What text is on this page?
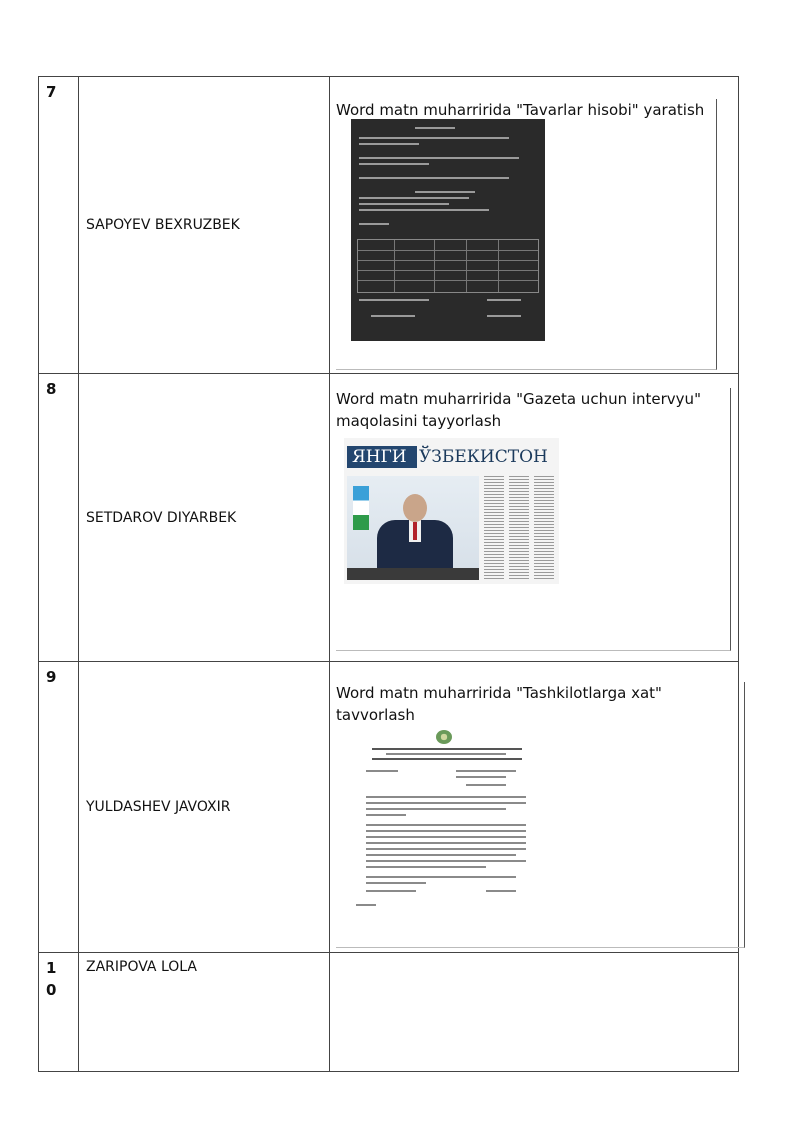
7	SAPOYEV BEXRUZBEK	Word matn muharririda "Tavarlar hisobi" yaratish

8	SETDAROV DIYARBEK	Word matn muharririda "Gazeta uchun intervyu" maqolasini tayyorlash
ЯНГИ ЎЗБЕКИСТОН

9	YULDASHEV JAVOXIR	Word matn muharririda "Tashkilotlarga xat" tavvorlash

10	ZARIPOVA LOLA	
